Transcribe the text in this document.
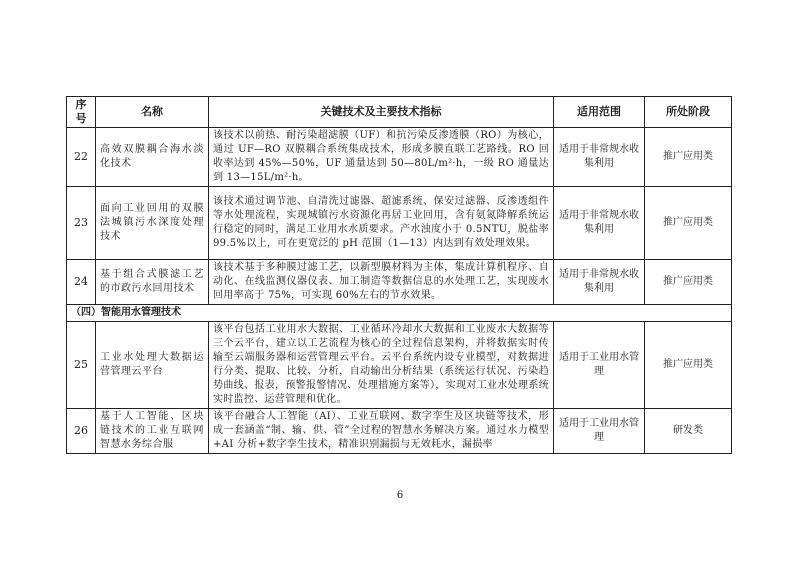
序号	名称	关键技术及主要技术指标	适用范围	所处阶段
22	高效双膜耦合海水淡化技术	该技术以前热、耐污染超滤膜（UF）和抗污染反渗透膜（RO）为核心，通过 UF—RO 双膜耦合系统集成技术，形成多膜直联工艺路线。RO 回收率达到 45%—50%，UF 通量达到 50—80L/m²·h，一级 RO 通量达到 13—15L/m²·h。	适用于非常规水收集利用	推广应用类
23	面向工业回用的双膜法城镇污水深度处理技术	该技术通过调节池、自清洗过滤器、超滤系统、保安过滤器、反渗透组件等水处理流程，实现城镇污水资源化再居工业回用，含有氨氮降解系统运行稳定的同时，满足工业用水水质要求。产水浊度小于 0.5NTU，脱盐率 99.5%以上，可在更宽泛的 pH 范围（1—13）内达到有效处理效果。	适用于非常规水收集利用	推广应用类
24	基于组合式膜滤工艺的市政污水回用技术	该技术基于多种膜过滤工艺，以新型膜材料为主体，集成计算机程序、自动化、在线监测仪器仪表、加工制造等数据信息的水处理工艺，实现废水回用率高于 75%，可实现 60%左右的节水效果。	适用于非常规水收集利用	推广应用类
（四）智能用水管理技术				
25	工业水处理大数据运营管理云平台	该平台包括工业用水大数据、工业循环冷却水大数据和工业废水大数据等三个云平台，建立以工艺流程为核心的全过程信息架构，并将数据实时传输至云端服务器和运营管理云平台。云平台系统内设专业模型，对数据进行分类、提取、比较、分析，自动输出分析结果（系统运行状况、污染趋势曲线、报表，预警报警情况、处理措施方案等），实现对工业水处理系统实时监控、运营管理和优化。	适用于工业用水管理	推广应用类
26	基于人工智能、区块链技术的工业互联网智慧水务综合服	该平台融合人工智能（AI）、工业互联网、数字孪生及区块链等技术，形成一套涵盖“制、输、供、管”全过程的智慧水务解决方案。通过水力模型+AI 分析+数字孪生技术，精准识别漏损与无效耗水，漏损率	适用于工业用水管理	研发类
6
